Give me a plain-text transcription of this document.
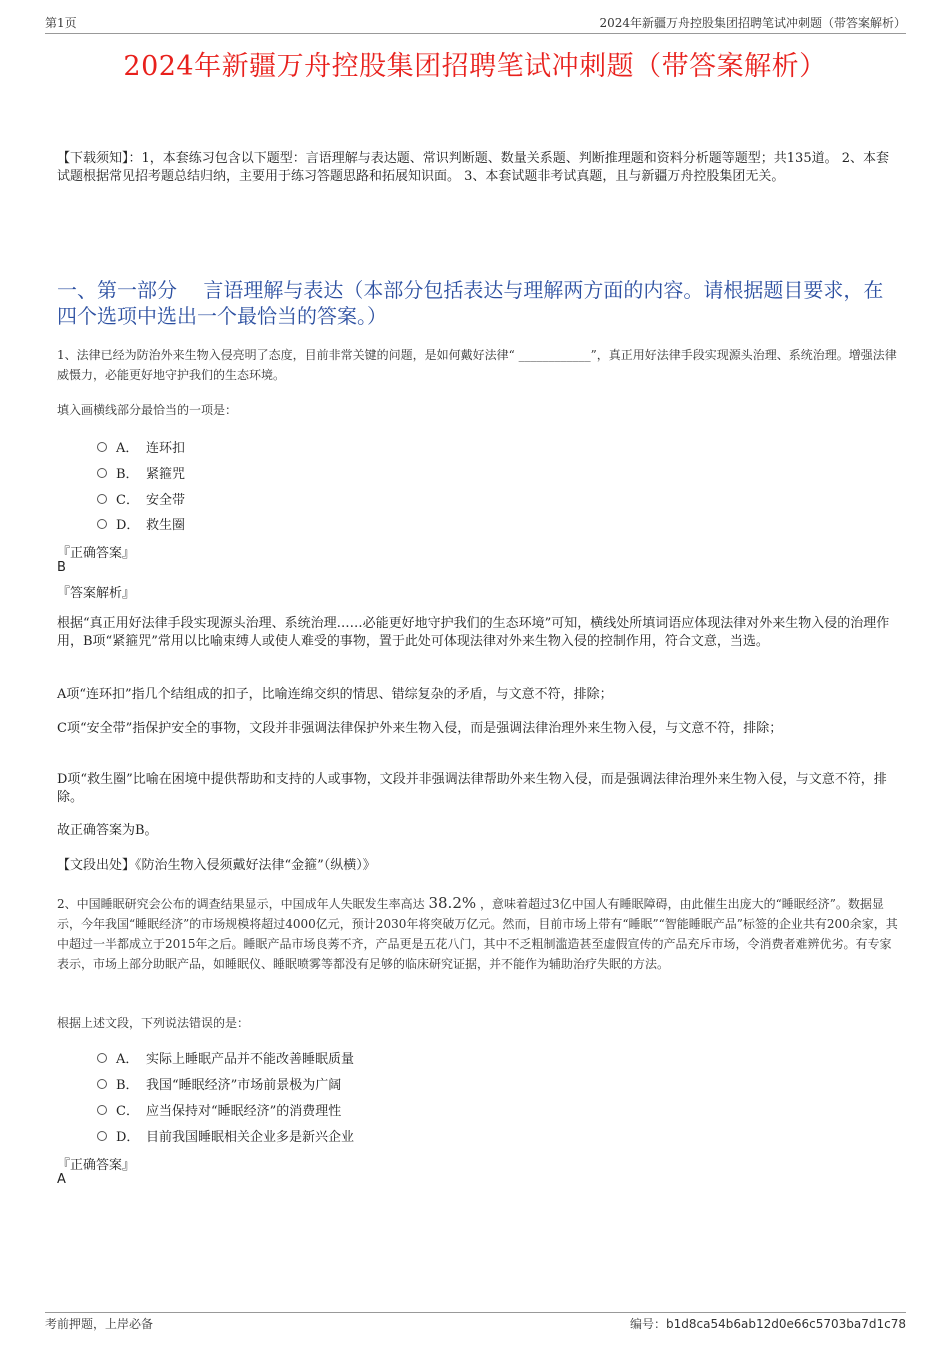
第1页	2024年新疆万舟控股集团招聘笔试冲刺题（带答案解析）
2024年新疆万舟控股集团招聘笔试冲刺题（带答案解析）
【下载须知】：1，本套练习包含以下题型：言语理解与表达题、常识判断题、数量关系题、判断推理题和资料分析题等题型；共135道。 2、本套试题根据常见招考题总结归纳，主要用于练习答题思路和拓展知识面。 3、本套试题非考试真题，且与新疆万舟控股集团无关。
一、第一部分　 言语理解与表达（本部分包括表达与理解两方面的内容。请根据题目要求，在四个选项中选出一个最恰当的答案。）
1、法律已经为防治外来生物入侵亮明了态度，目前非常关键的问题，是如何戴好法律“ ____________”，真正用好法律手段实现源头治理、系统治理。增强法律威慑力，必能更好地守护我们的生态环境。
填入画横线部分最恰当的一项是：
A． 连环扣
B． 紧箍咒
C． 安全带
D． 救生圈
『正确答案』
B
『答案解析』
根据“真正用好法律手段实现源头治理、系统治理……必能更好地守护我们的生态环境”可知，横线处所填词语应体现法律对外来生物入侵的治理作用，B项“紧箍咒”常用以比喻束缚人或使人难受的事物，置于此处可体现法律对外来生物入侵的控制作用，符合文意，当选。
A项“连环扣”指几个结组成的扣子，比喻连绵交织的情思、错综复杂的矛盾，与文意不符，排除；
C项“安全带”指保护安全的事物，文段并非强调法律保护外来生物入侵，而是强调法律治理外来生物入侵，与文意不符，排除；
D项“救生圈”比喻在困境中提供帮助和支持的人或事物，文段并非强调法律帮助外来生物入侵，而是强调法律治理外来生物入侵，与文意不符，排除。
故正确答案为B。
【文段出处】《防治生物入侵须戴好法律“金箍”（纵横）》
2、中国睡眠研究会公布的调查结果显示，中国成年人失眠发生率高达 38.2% ，意味着超过3亿中国人有睡眠障碍，由此催生出庞大的“睡眠经济”。数据显示，今年我国“睡眠经济”的市场规模将超过4000亿元，预计2030年将突破万亿元。然而，目前市场上带有“睡眠”“智能睡眠产品”标签的企业共有200余家，其中超过一半都成立于2015年之后。睡眠产品市场良莠不齐，产品更是五花八门，其中不乏粗制滥造甚至虚假宣传的产品充斥市场，令消费者难辨优劣。有专家表示，市场上部分助眠产品，如睡眠仪、睡眠喷雾等都没有足够的临床研究证据，并不能作为辅助治疗失眠的方法。
根据上述文段，下列说法错误的是：
A． 实际上睡眠产品并不能改善睡眠质量
B． 我国“睡眠经济”市场前景极为广阔
C． 应当保持对“睡眠经济”的消费理性
D． 目前我国睡眠相关企业多是新兴企业
『正确答案』
A
考前押题，上岸必备	编号：b1d8ca54b6ab12d0e66c5703ba7d1c78
